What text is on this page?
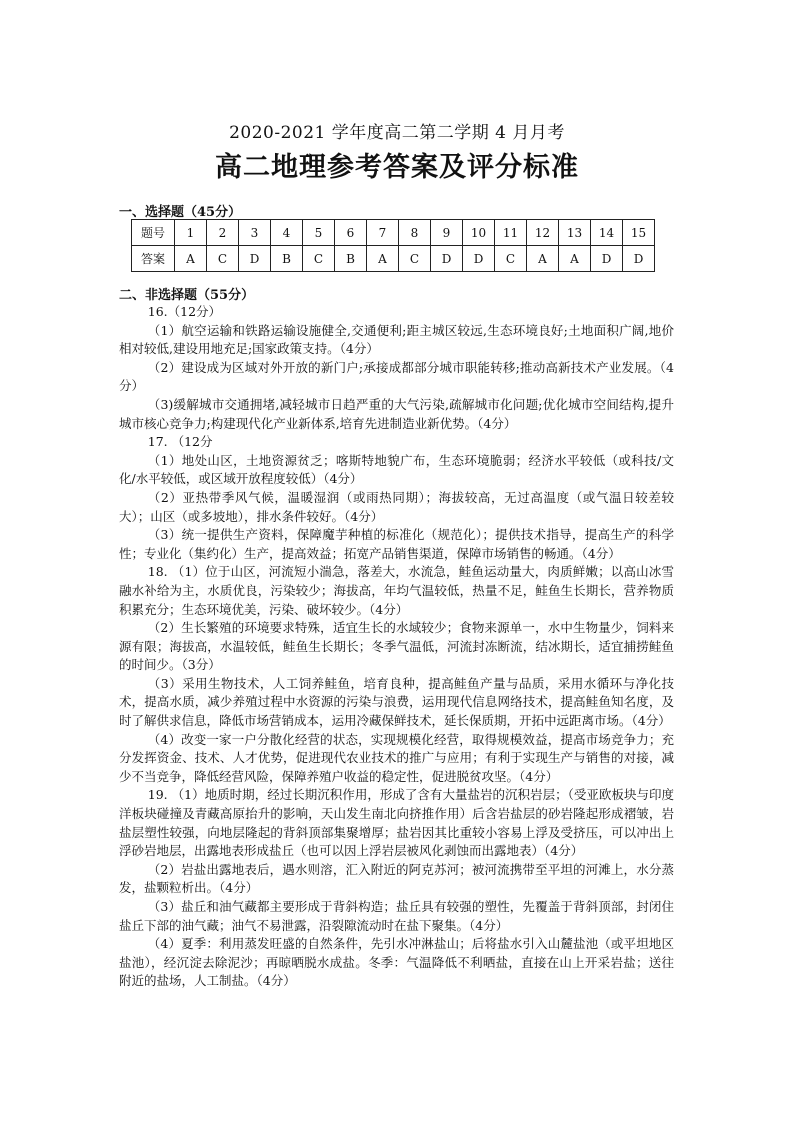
2020-2021 学年度高二第二学期 4 月月考
高二地理参考答案及评分标准
一、选择题（45分）
题号	1	2	3	4	5	6	7	8	9	10	11	12	13	14	15
答案	A	C	D	B	C	B	A	C	D	D	C	A	A	D	D
二、非选择题（55分）

16.（12分）

（1）航空运输和铁路运输设施健全,交通便利;距主城区较远,生态环境良好;土地面积广阔,地价相对较低,建设用地充足;国家政策支持。（4分）

（2）建设成为区域对外开放的新门户;承接成都部分城市职能转移;推动高新技术产业发展。（4分）

（3)缓解城市交通拥堵,减轻城市日趋严重的大气污染,疏解城市化问题;优化城市空间结构,提升城市核心竞争力;构建现代化产业新体系,培育先进制造业新优势。（4分）

17. （12分

（1）地处山区，土地资源贫乏；喀斯特地貌广布，生态环境脆弱；经济水平较低（或科技/文化/水平较低，或区域开放程度较低）（4分）

（2）亚热带季风气候，温暖湿润（或雨热同期）；海拔较高，无过高温度（或气温日较差较大）；山区（或多坡地），排水条件较好。（4分）

（3）统一提供生产资料，保障魔芋种植的标准化（规范化）；提供技术指导，提高生产的科学性；专业化（集约化）生产，提高效益；拓宽产品销售渠道，保障市场销售的畅通。（4分）

18. （1）位于山区，河流短小湍急，落差大，水流急，鲑鱼运动量大，肉质鲜嫩；以高山冰雪融水补给为主，水质优良，污染较少；海拔高，年均气温较低，热量不足，鲑鱼生长期长，营养物质积累充分；生态环境优美，污染、破坏较少。（4分）

（2）生长繁殖的环境要求特殊，适宜生长的水域较少；食物来源单一，水中生物量少，饲料来源有限；海拔高，水温较低，鲑鱼生长期长；冬季气温低，河流封冻断流，结冰期长，适宜捕捞鲑鱼的时间少。（3分）

（3）采用生物技术，人工饲养鲑鱼，培育良种，提高鲑鱼产量与品质，采用水循环与净化技术，提高水质，减少养殖过程中水资源的污染与浪费，运用现代信息网络技术，提高鲑鱼知名度，及时了解供求信息，降低市场营销成本，运用冷藏保鲜技术，延长保质期，开拓中远距离市场。（4分）

（4）改变一家一户分散化经营的状态，实现规模化经营，取得规模效益，提高市场竞争力；充分发挥资金、技术、人才优势，促进现代农业技术的推广与应用；有利于实现生产与销售的对接，减少不当竞争，降低经营风险，保障养殖户收益的稳定性，促进脱贫攻坚。（4分）

19. （1）地质时期，经过长期沉积作用，形成了含有大量盐岩的沉积岩层；（受亚欧板块与印度洋板块碰撞及青藏高原抬升的影响，天山发生南北向挤推作用）后含岩盐层的砂岩隆起形成褶皱，岩盐层塑性较强，向地层隆起的背斜顶部集聚增厚；盐岩因其比重较小容易上浮及受挤压，可以冲出上浮砂岩地层，出露地表形成盐丘（也可以因上浮岩层被风化剥蚀而出露地表）（4分）

（2）岩盐出露地表后，遇水则溶，汇入附近的阿克苏河；被河流携带至平坦的河滩上，水分蒸发，盐颗粒析出。（4分）

（3）盐丘和油气藏都主要形成于背斜构造；盐丘具有较强的塑性，先覆盖于背斜顶部，封闭住盐丘下部的油气藏；油气不易泄露，沿裂隙流动时在盐下聚集。（4分）

（4）夏季：利用蒸发旺盛的自然条件，先引水冲淋盐山；后将盐水引入山麓盐池（或平坦地区盐池），经沉淀去除泥沙；再晾晒脱水成盐。冬季：气温降低不利晒盐，直接在山上开采岩盐；送往附近的盐场，人工制盐。（4分）
